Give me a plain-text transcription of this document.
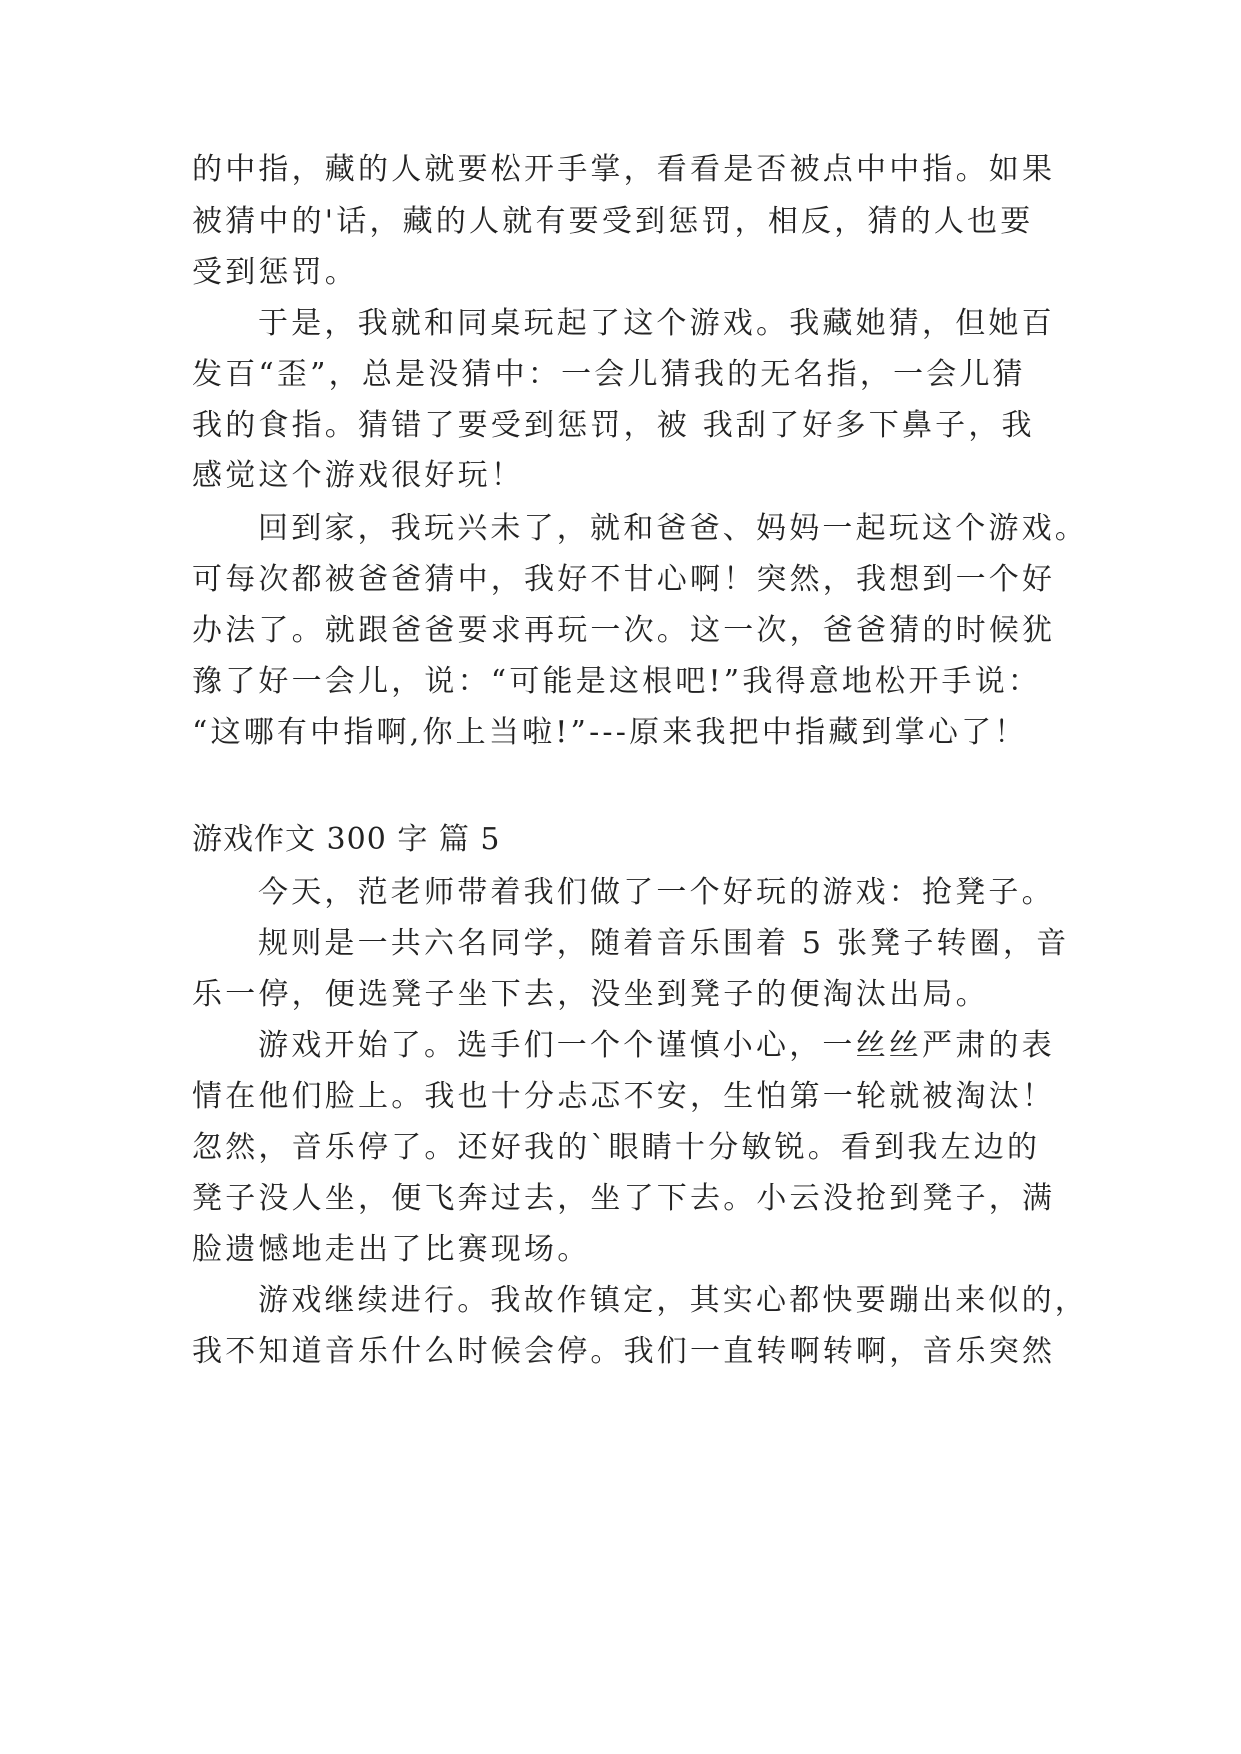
的中指，藏的人就要松开手掌，看看是否被点中中指。如果

被猜中的'话，藏的人就有要受到惩罚，相反，猜的人也要

受到惩罚。

于是，我就和同桌玩起了这个游戏。我藏她猜，但她百

发百“歪”，总是没猜中：一会儿猜我的无名指，一会儿猜

我的食指。猜错了要受到惩罚，被 我刮了好多下鼻子，我

感觉这个游戏很好玩！

回到家，我玩兴未了，就和爸爸、妈妈一起玩这个游戏。

可每次都被爸爸猜中，我好不甘心啊！突然，我想到一个好

办法了。就跟爸爸要求再玩一次。这一次，爸爸猜的时候犹

豫了好一会儿，说：“可能是这根吧!”我得意地松开手说：

“这哪有中指啊,你上当啦!”---原来我把中指藏到掌心了！

游戏作文 300 字 篇 5

今天，范老师带着我们做了一个好玩的游戏：抢凳子。

规则是一共六名同学，随着音乐围着 5 张凳子转圈，音

乐一停，便选凳子坐下去，没坐到凳子的便淘汰出局。

游戏开始了。选手们一个个谨慎小心，一丝丝严肃的表

情在他们脸上。我也十分忐忑不安，生怕第一轮就被淘汰！

忽然，音乐停了。还好我的`眼睛十分敏锐。看到我左边的

凳子没人坐，便飞奔过去，坐了下去。小云没抢到凳子，满

脸遗憾地走出了比赛现场。

游戏继续进行。我故作镇定，其实心都快要蹦出来似的，

我不知道音乐什么时候会停。我们一直转啊转啊，音乐突然
